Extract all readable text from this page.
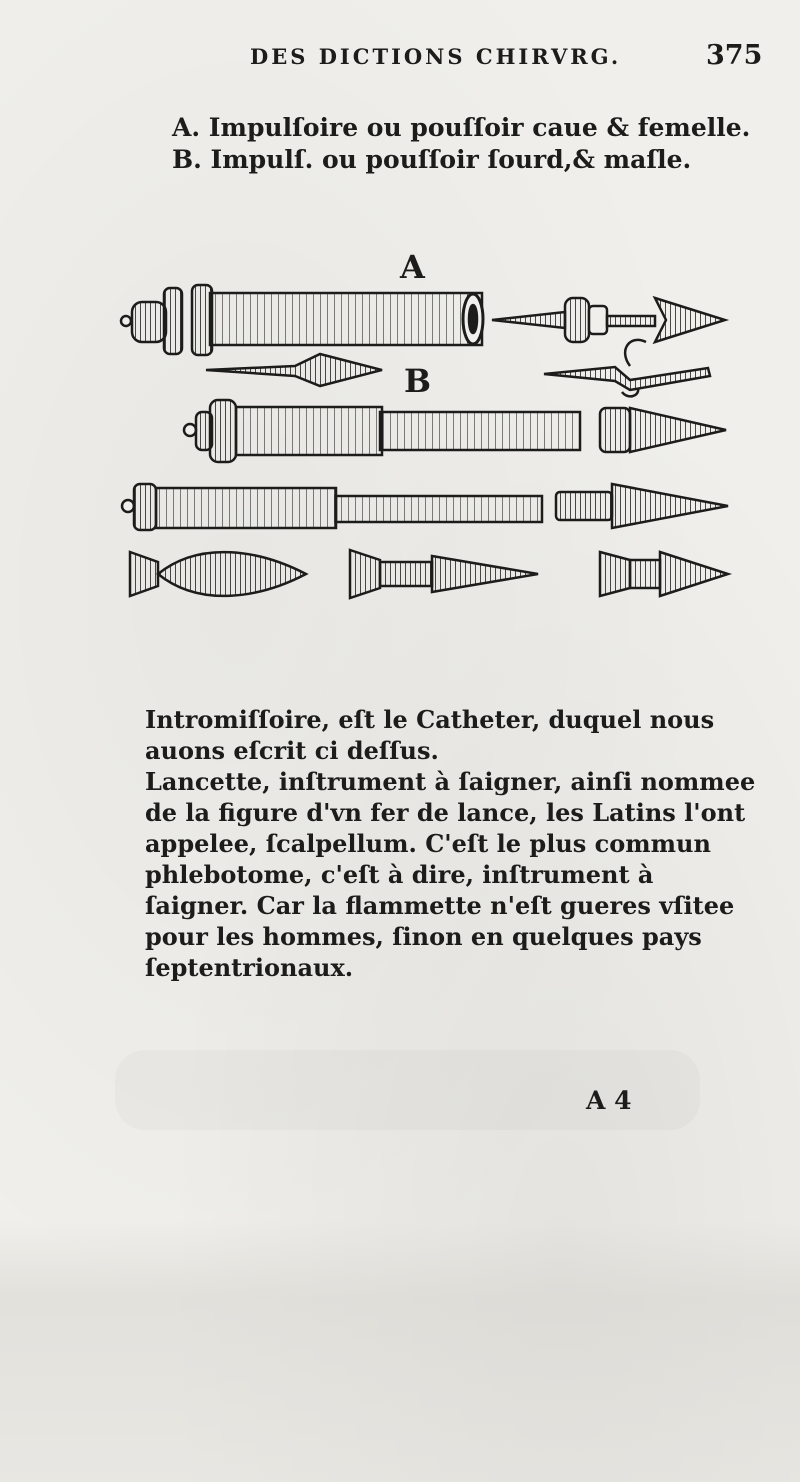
DES DICTIONS CHIRVRG.	375
A. Impulſoire ou pouſſoir caue & femelle.
B. Impulſ. ou pouſſoir ſourd,& maſle.
A
B

Intromiſſoire, eſt le Catheter, duquel nous auons eſcrit ci deſſus.

Lancette, inſtrument à ſaigner, ainſi nommee de la figure d'vn fer de lance, les Latins l'ont appelee, ſcalpellum. C'eſt le plus commun phlebotome, c'eſt à dire, inſtrument à ſaigner. Car la flammette n'eſt gueres vſitee pour les hommes, ſinon en quelques pays ſeptentrionaux.

A 4
